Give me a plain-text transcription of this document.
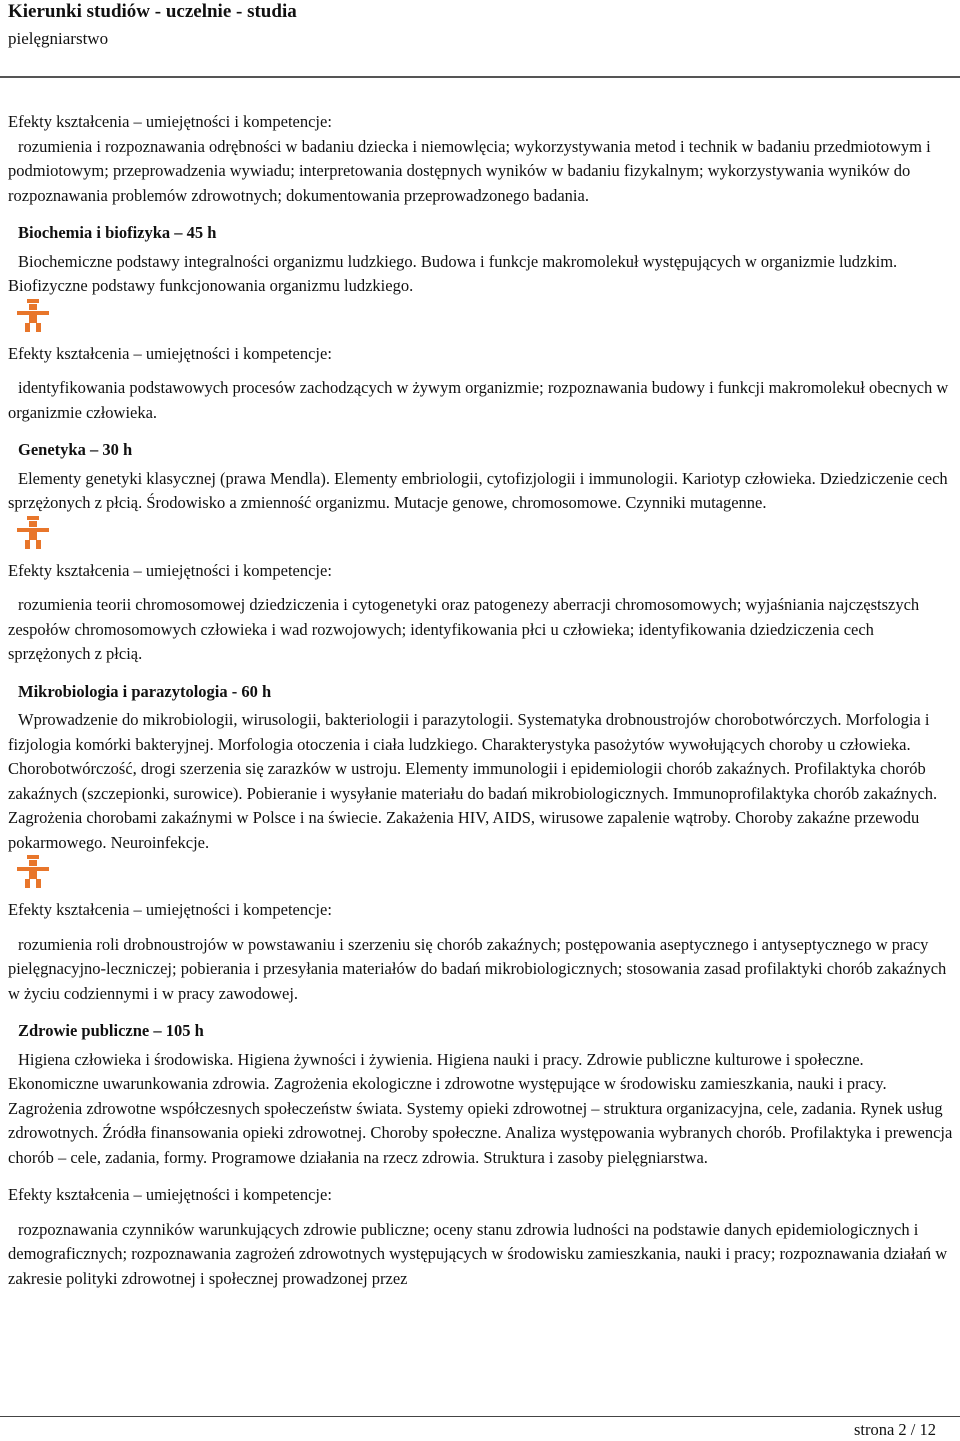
Kierunki studiów - uczelnie - studia
pielęgniarstwo

Efekty kształcenia – umiejętności i kompetencje:

rozumienia i rozpoznawania odrębności w badaniu dziecka i niemowlęcia; wykorzystywania metod i technik w badaniu przedmiotowym i podmiotowym; przeprowadzenia wywiadu; interpretowania dostępnych wyników w badaniu fizykalnym; wykorzystywania wyników do rozpoznawania problemów zdrowotnych; dokumentowania przeprowadzonego badania.

Biochemia i biofizyka – 45 h

Biochemiczne podstawy integralności organizmu ludzkiego. Budowa i funkcje makromolekuł występujących w organizmie ludzkim. Biofizyczne podstawy funkcjonowania organizmu ludzkiego.

Efekty kształcenia – umiejętności i kompetencje:

identyfikowania podstawowych procesów zachodzących w żywym organizmie; rozpoznawania budowy i funkcji makromolekuł obecnych w organizmie człowieka.

Genetyka – 30 h

Elementy genetyki klasycznej (prawa Mendla). Elementy embriologii, cytofizjologii i immunologii. Kariotyp człowieka. Dziedziczenie cech sprzężonych z płcią. Środowisko a zmienność organizmu. Mutacje genowe, chromosomowe. Czynniki mutagenne.

Efekty kształcenia – umiejętności i kompetencje:

rozumienia teorii chromosomowej dziedziczenia i cytogenetyki oraz patogenezy aberracji chromosomowych; wyjaśniania najczęstszych zespołów chromosomowych człowieka i wad rozwojowych; identyfikowania płci u człowieka; identyfikowania dziedziczenia cech sprzężonych z płcią.

Mikrobiologia i parazytologia - 60 h

Wprowadzenie do mikrobiologii, wirusologii, bakteriologii i parazytologii. Systematyka drobnoustrojów chorobotwórczych. Morfologia i fizjologia komórki bakteryjnej. Morfologia otoczenia i ciała ludzkiego. Charakterystyka pasożytów wywołujących choroby u człowieka. Chorobotwórczość, drogi szerzenia się zarazków w ustroju. Elementy immunologii i epidemiologii chorób zakaźnych. Profilaktyka chorób zakaźnych (szczepionki, surowice). Pobieranie i wysyłanie materiału do badań mikrobiologicznych. Immunoprofilaktyka chorób zakaźnych. Zagrożenia chorobami zakaźnymi w Polsce i na świecie. Zakażenia HIV, AIDS, wirusowe zapalenie wątroby. Choroby zakaźne przewodu pokarmowego. Neuroinfekcje.

Efekty kształcenia – umiejętności i kompetencje:

rozumienia roli drobnoustrojów w powstawaniu i szerzeniu się chorób zakaźnych; postępowania aseptycznego i antyseptycznego w pracy pielęgnacyjno-leczniczej; pobierania i przesyłania materiałów do badań mikrobiologicznych; stosowania zasad profilaktyki chorób zakaźnych w życiu codziennymi i w pracy zawodowej.

Zdrowie publiczne – 105 h

Higiena człowieka i środowiska. Higiena żywności i żywienia. Higiena nauki i pracy. Zdrowie publiczne kulturowe i społeczne. Ekonomiczne uwarunkowania zdrowia. Zagrożenia ekologiczne i zdrowotne występujące w środowisku zamieszkania, nauki i pracy. Zagrożenia zdrowotne współczesnych społeczeństw świata. Systemy opieki zdrowotnej – struktura organizacyjna, cele, zadania. Rynek usług zdrowotnych. Źródła finansowania opieki zdrowotnej. Choroby społeczne. Analiza występowania wybranych chorób. Profilaktyka i prewencja chorób – cele, zadania, formy. Programowe działania na rzecz zdrowia. Struktura i zasoby pielęgniarstwa.

Efekty kształcenia – umiejętności i kompetencje:

rozpoznawania czynników warunkujących zdrowie publiczne; oceny stanu zdrowia ludności na podstawie danych epidemiologicznych i demograficznych; rozpoznawania zagrożeń zdrowotnych występujących w środowisku zamieszkania, nauki i pracy; rozpoznawania działań w zakresie polityki zdrowotnej i społecznej prowadzonej przez

strona 2 / 12
